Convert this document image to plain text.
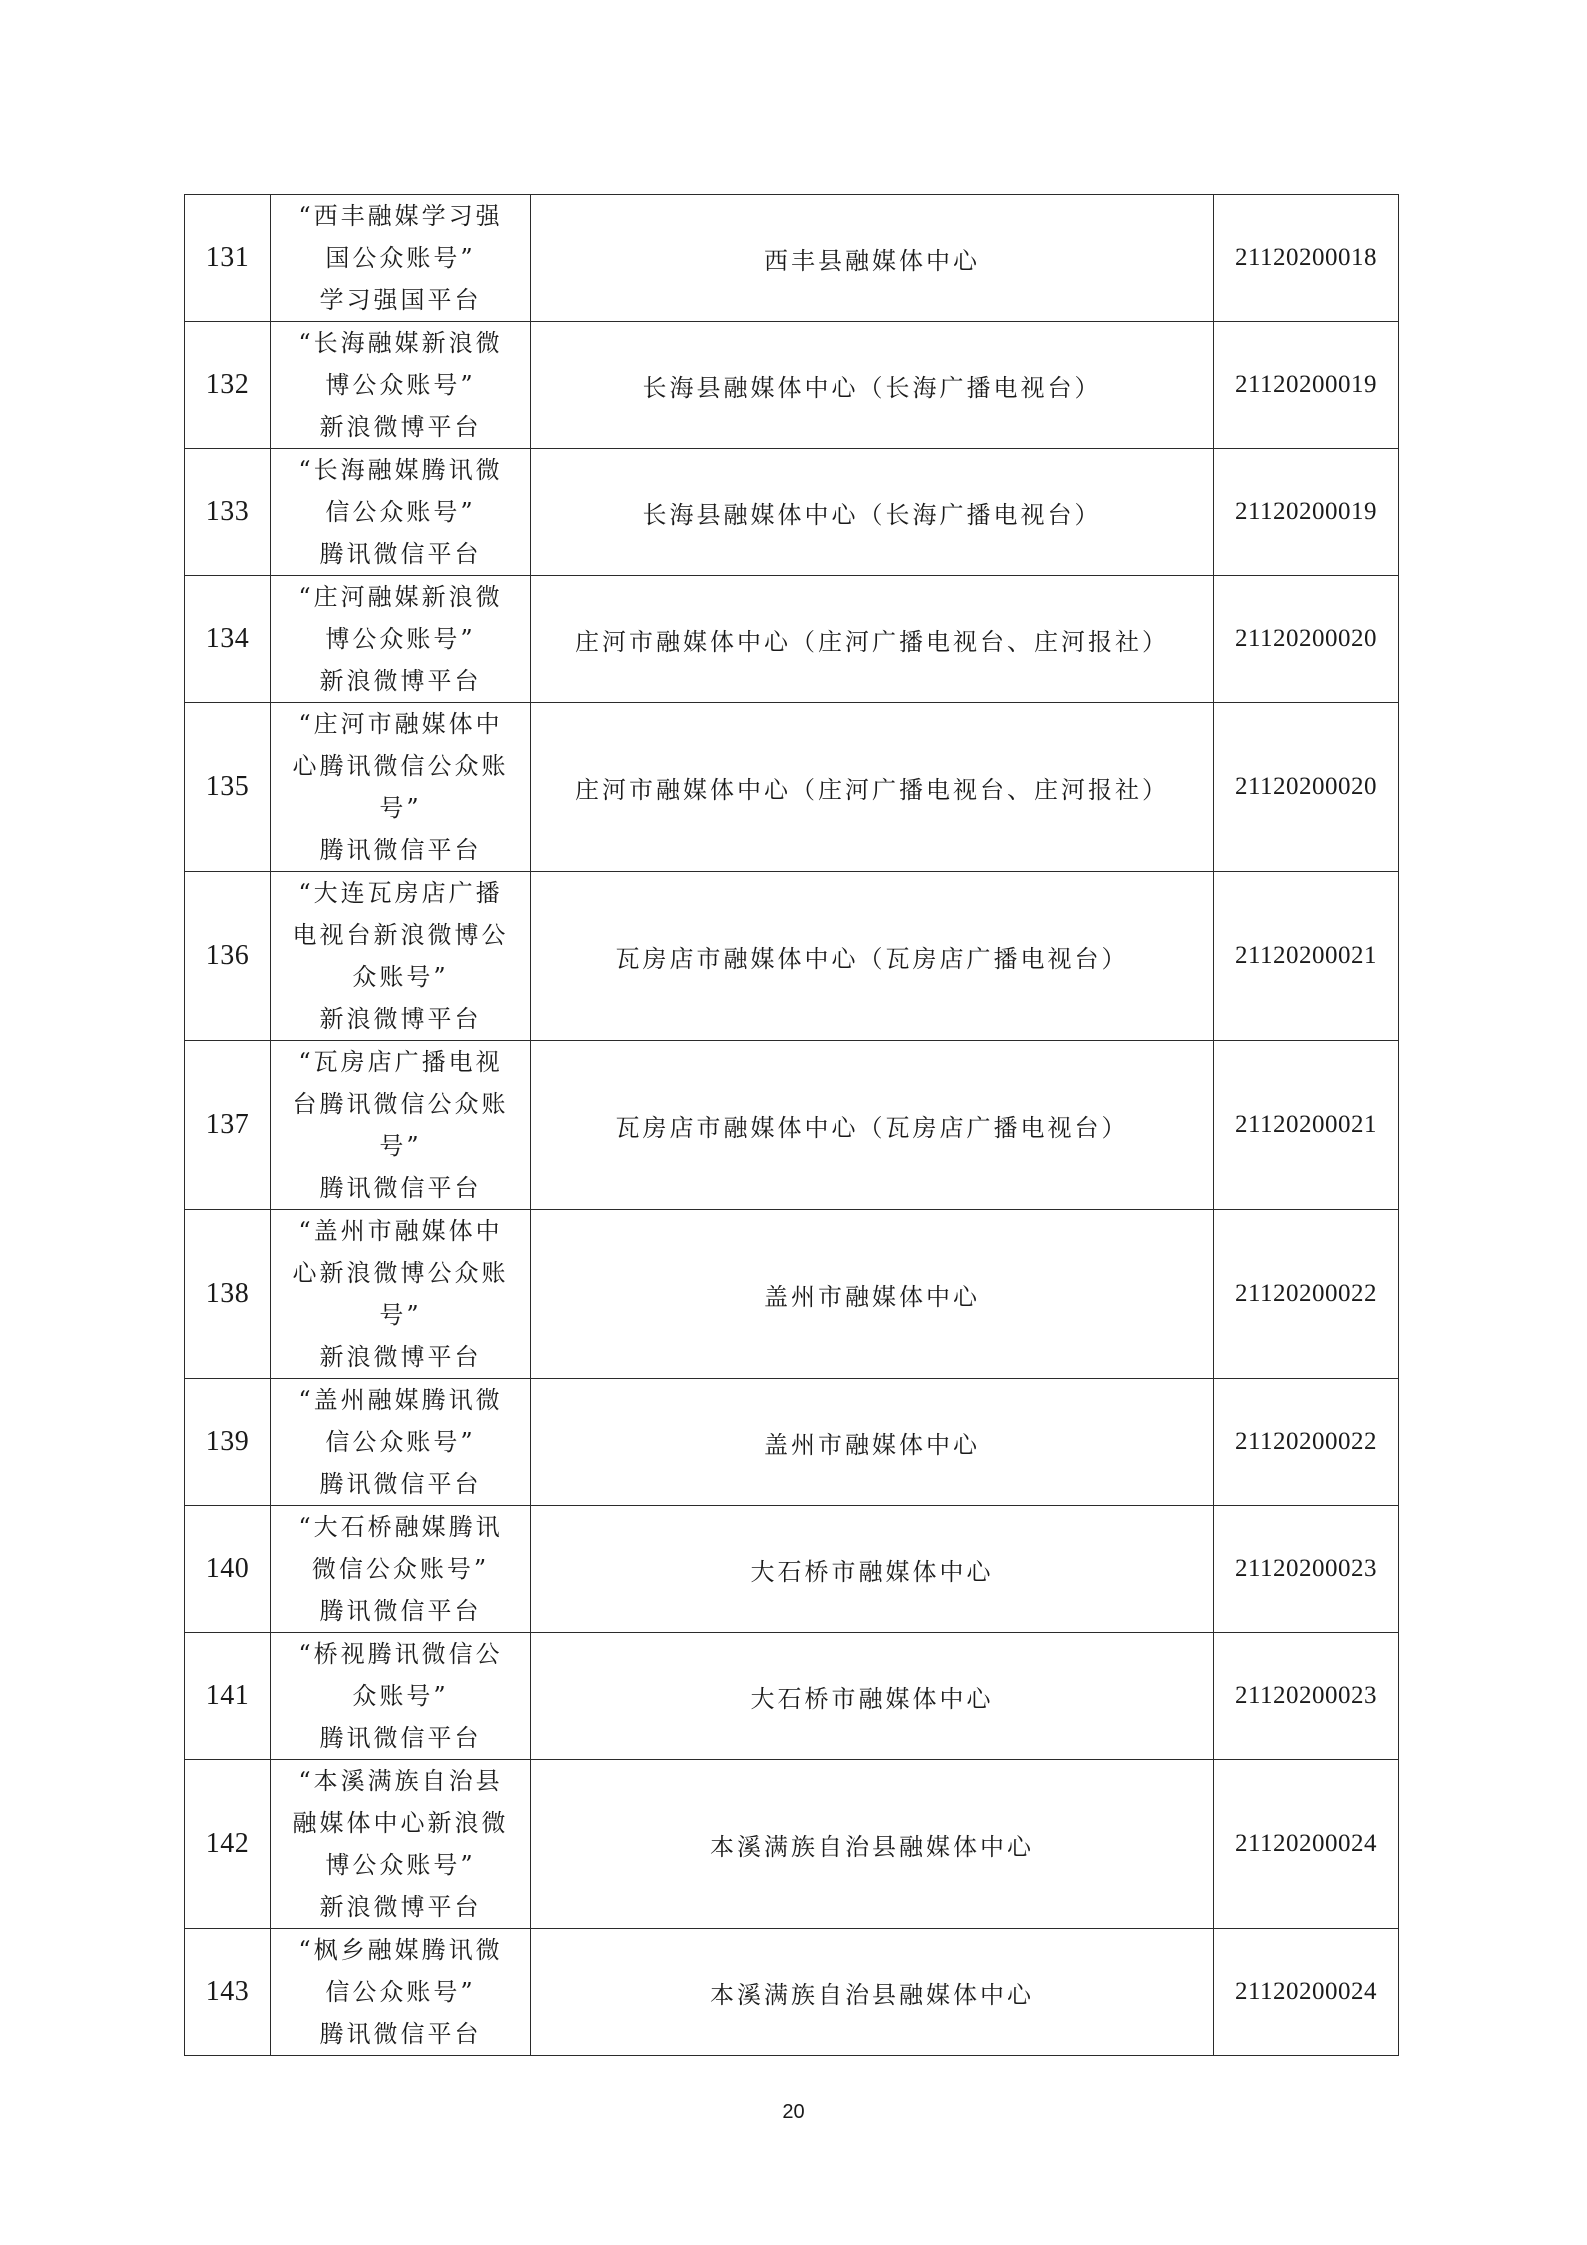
131	“西丰融媒学习强
国公众账号”
学习强国平台	西丰县融媒体中心	21120200018
132	“长海融媒新浪微
博公众账号”
新浪微博平台	长海县融媒体中心（长海广播电视台）	21120200019
133	“长海融媒腾讯微
信公众账号”
腾讯微信平台	长海县融媒体中心（长海广播电视台）	21120200019
134	“庄河融媒新浪微
博公众账号”
新浪微博平台	庄河市融媒体中心（庄河广播电视台、庄河报社）	21120200020
135	“庄河市融媒体中
心腾讯微信公众账
号”
腾讯微信平台	庄河市融媒体中心（庄河广播电视台、庄河报社）	21120200020
136	“大连瓦房店广播
电视台新浪微博公
众账号”
新浪微博平台	瓦房店市融媒体中心（瓦房店广播电视台）	21120200021
137	“瓦房店广播电视
台腾讯微信公众账
号”
腾讯微信平台	瓦房店市融媒体中心（瓦房店广播电视台）	21120200021
138	“盖州市融媒体中
心新浪微博公众账
号”
新浪微博平台	盖州市融媒体中心	21120200022
139	“盖州融媒腾讯微
信公众账号”
腾讯微信平台	盖州市融媒体中心	21120200022
140	“大石桥融媒腾讯
微信公众账号”
腾讯微信平台	大石桥市融媒体中心	21120200023
141	“桥视腾讯微信公
众账号”
腾讯微信平台	大石桥市融媒体中心	21120200023
142	“本溪满族自治县
融媒体中心新浪微
博公众账号”
新浪微博平台	本溪满族自治县融媒体中心	21120200024
143	“枫乡融媒腾讯微
信公众账号”
腾讯微信平台	本溪满族自治县融媒体中心	21120200024
20
